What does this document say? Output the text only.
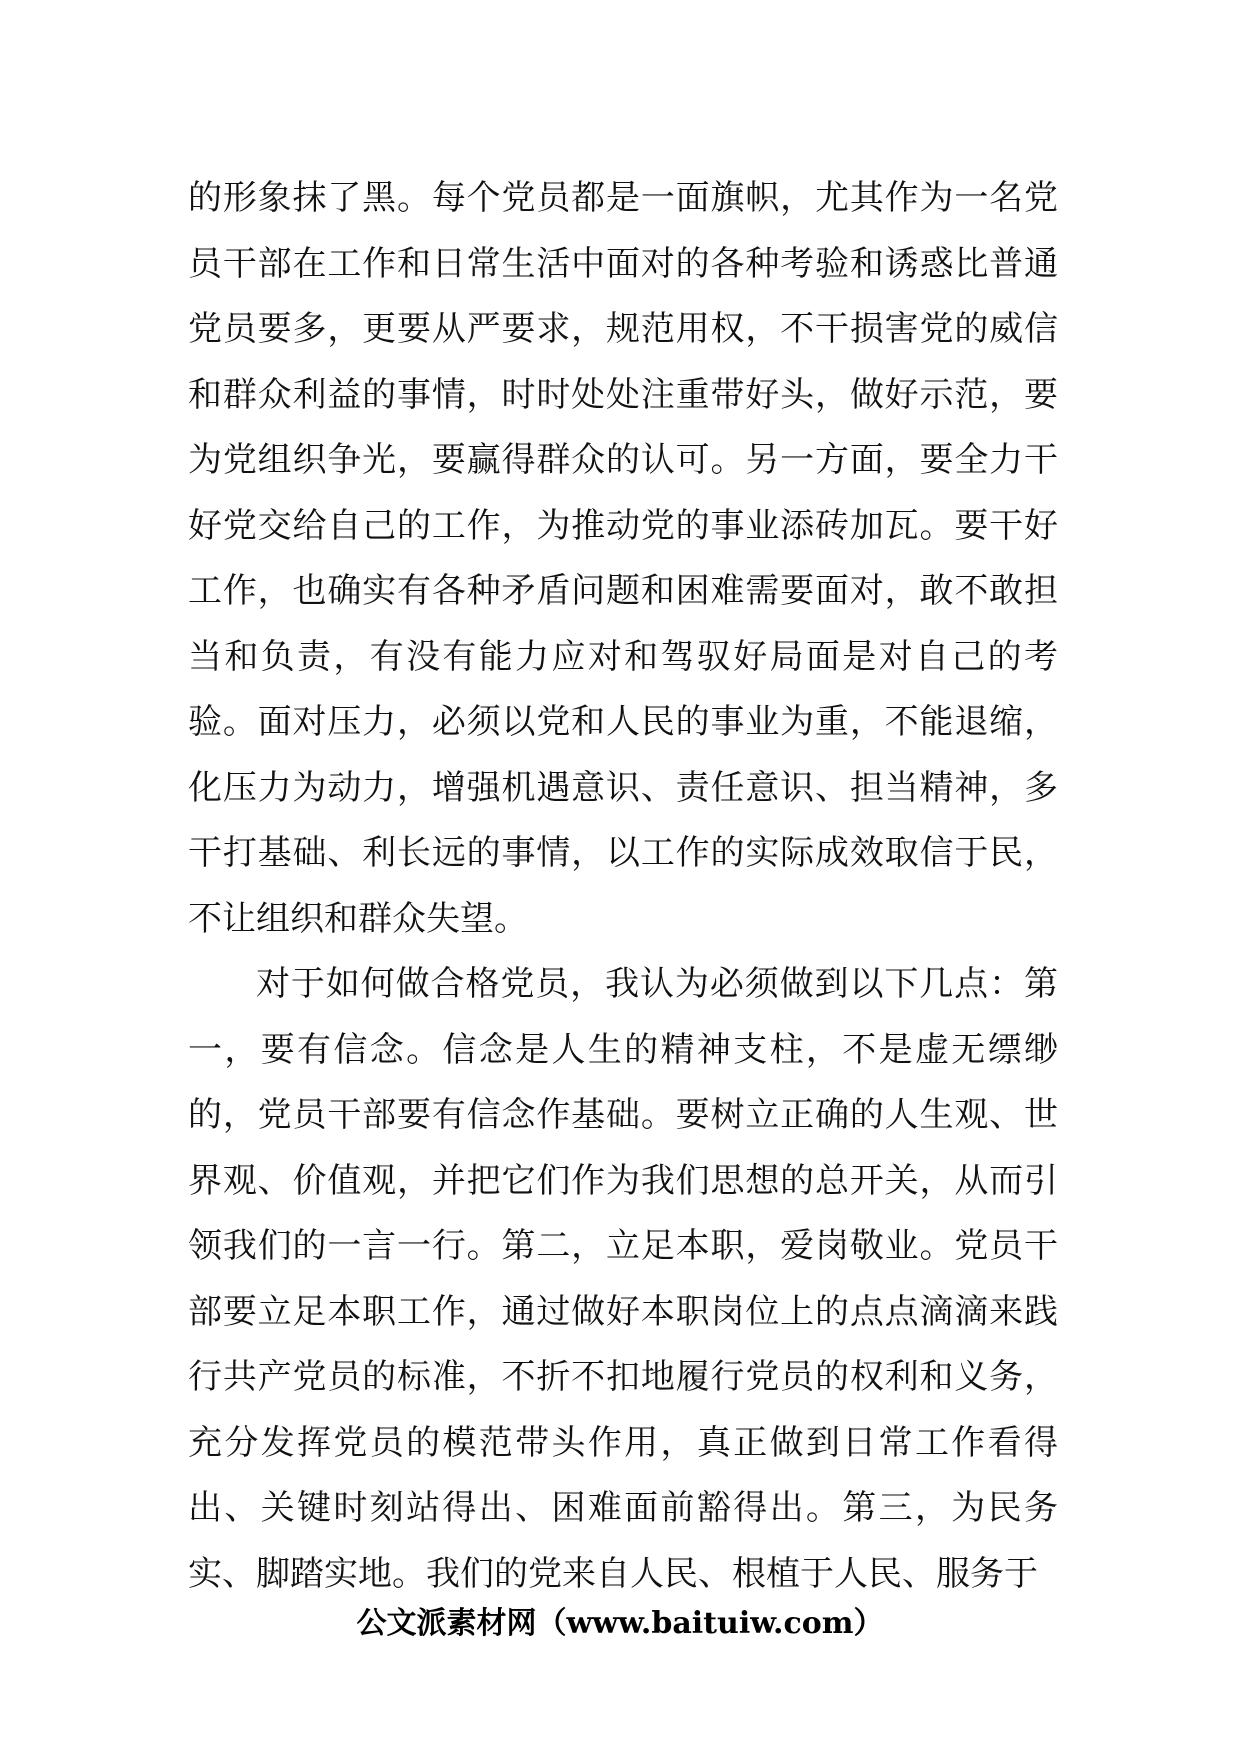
的形象抹了黑。每个党员都是一面旗帜，尤其作为一名党员干部在工作和日常生活中面对的各种考验和诱惑比普通党员要多，更要从严要求，规范用权，不干损害党的威信和群众利益的事情，时时处处注重带好头，做好示范，要为党组织争光，要赢得群众的认可。另一方面，要全力干好党交给自己的工作，为推动党的事业添砖加瓦。要干好工作，也确实有各种矛盾问题和困难需要面对，敢不敢担当和负责，有没有能力应对和驾驭好局面是对自己的考验。面对压力，必须以党和人民的事业为重，不能退缩，化压力为动力，增强机遇意识、责任意识、担当精神，多干打基础、利长远的事情，以工作的实际成效取信于民，不让组织和群众失望。

对于如何做合格党员，我认为必须做到以下几点：第一，要有信念。信念是人生的精神支柱，不是虚无缥缈的，党员干部要有信念作基础。要树立正确的人生观、世界观、价值观，并把它们作为我们思想的总开关，从而引领我们的一言一行。第二，立足本职，爱岗敬业。党员干部要立足本职工作，通过做好本职岗位上的点点滴滴来践行共产党员的标准，不折不扣地履行党员的权利和义务，充分发挥党员的模范带头作用，真正做到日常工作看得出、关键时刻站得出、困难面前豁得出。第三，为民务实、脚踏实地。我们的党来自人民、根植于人民、服务于

公文派素材网（www.baituiw.com）
